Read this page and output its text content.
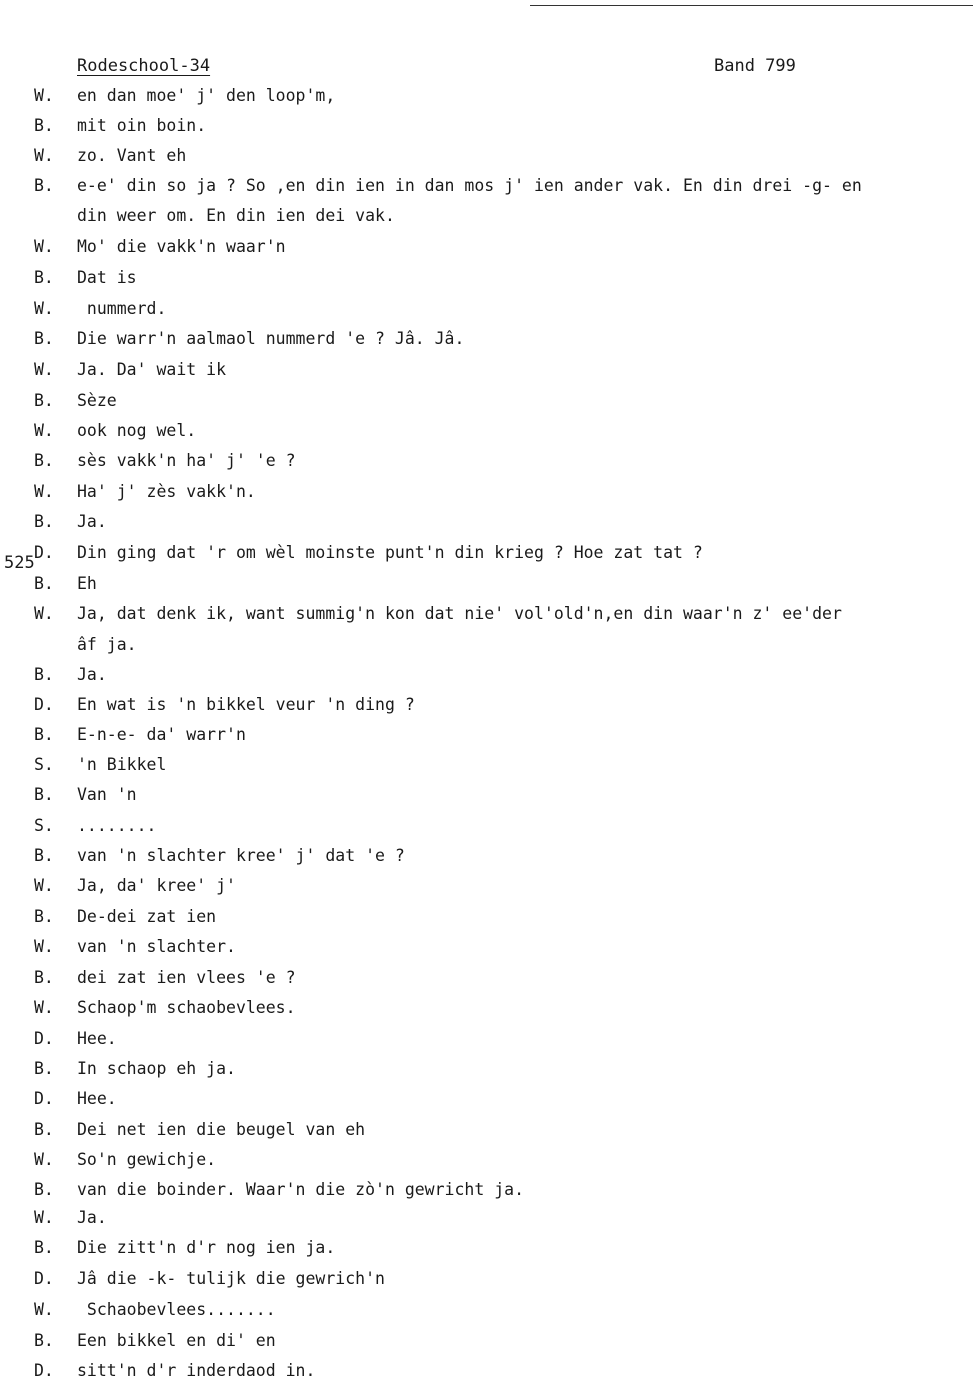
Rodeschool-34	Band 799
525
W. en dan moe' j' den loop'm,
B. mit oin boin.
W. zo. Vant eh
B. e-e' din so ja ? So ,en din ien in dan mos j' ien ander vak. En din drei -g- en
din weer om. En din ien dei vak.
W. Mo' die vakk'n waar'n
B. Dat is
W. nummerd.
B. Die warr'n aalmaol nummerd 'e ? Jâ. Jâ.
W. Ja. Da' wait ik
B. Sèze
W. ook nog wel.
B. sès vakk'n ha' j' 'e ?
W. Ha' j' zès vakk'n.
B. Ja.
D. Din ging dat 'r om wèl moinste punt'n din krieg ? Hoe zat tat ?
B. Eh
W. Ja, dat denk ik, want summig'n kon dat nie' vol'old'n,en din waar'n z' ee'der
âf ja.
B. Ja.
D. En wat is 'n bikkel veur 'n ding ?
B. E-n-e- da' warr'n
S. 'n Bikkel
B. Van 'n
S. ........
B. van 'n slachter kree' j' dat 'e ?
W. Ja, da' kree' j'
B. De-dei zat ien
W. van 'n slachter.
B. dei zat ien vlees 'e ?
W. Schaop'm schaobevlees.
D. Hee.
B. In schaop eh ja.
D. Hee.
B. Dei net ien die beugel van eh
W. So'n gewichje.
B. van die boinder. Waar'n die zò'n gewricht ja.
W. Ja.
B. Die zitt'n d'r nog ien ja.
D. Jâ die -k- tulijk die gewrich'n
W. Schaobevlees.......
B. Een bikkel en di' en
D. sitt'n d'r inderdaod in.
